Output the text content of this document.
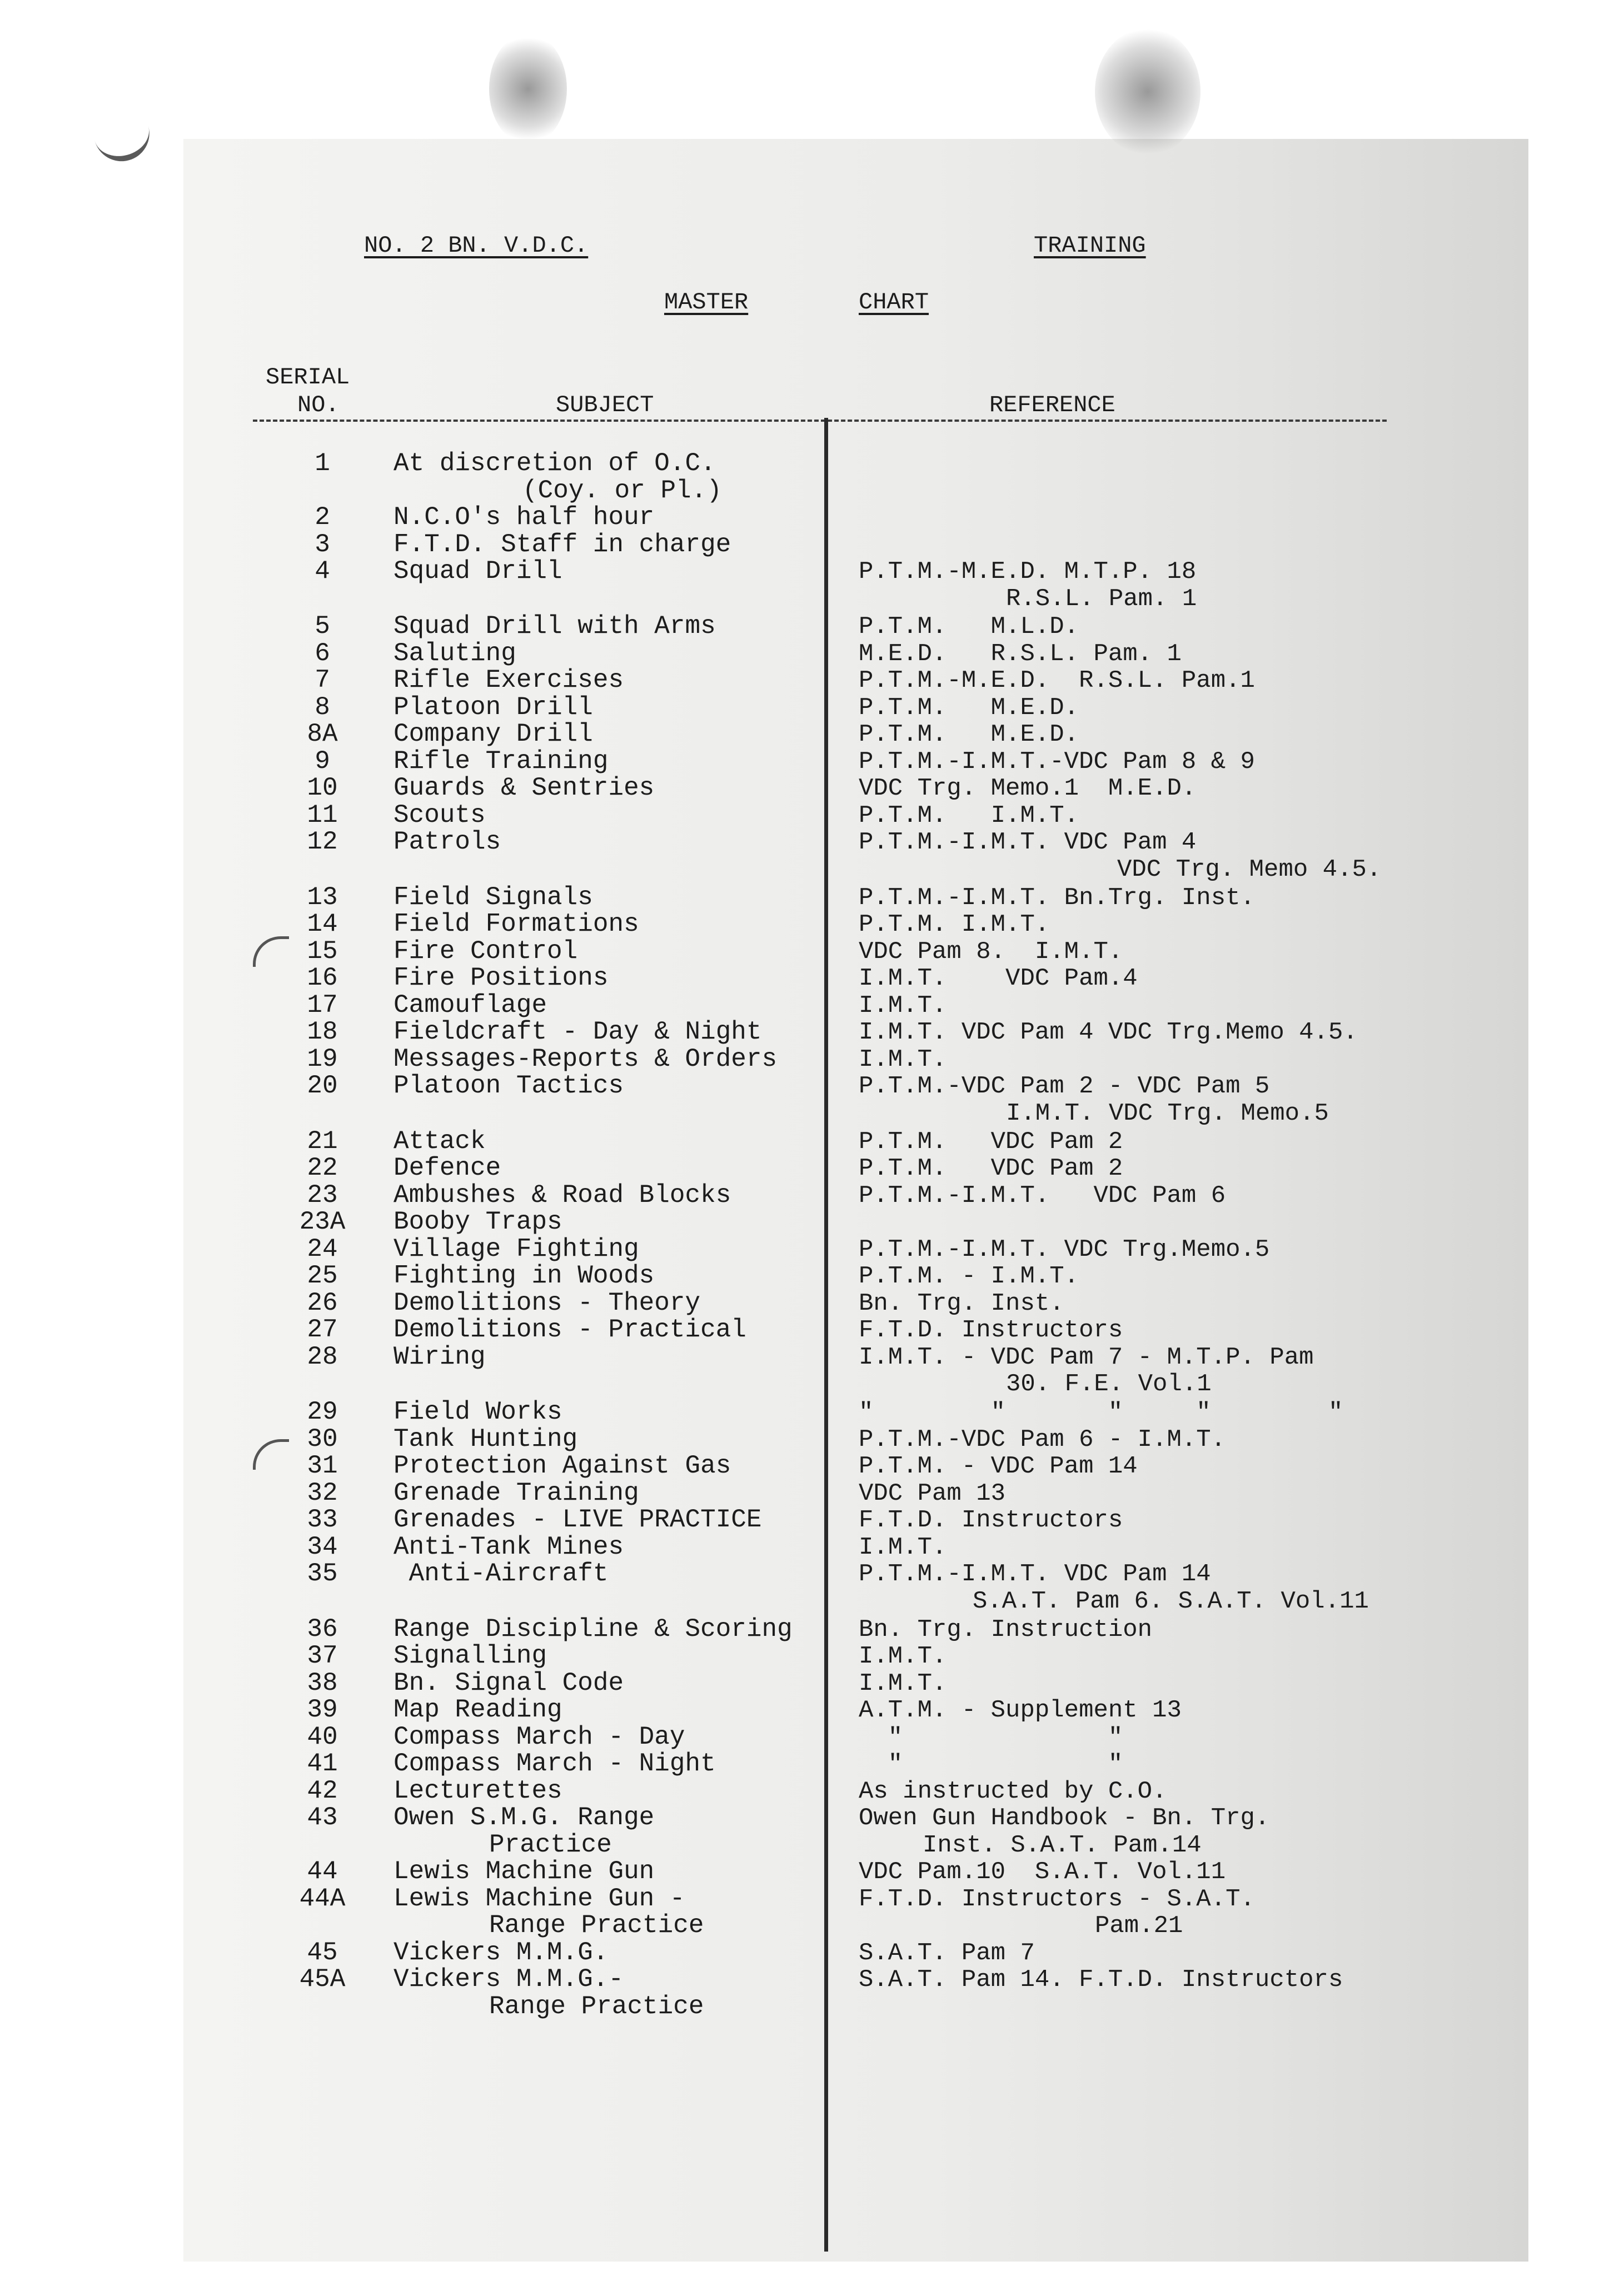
NO. 2 BN. V.D.C.	TRAINING
MASTER	CHART
SERIAL
NO.	SUBJECT	REFERENCE
1	At discretion of O.C.
(Coy. or Pl.)
2	N.C.O's half hour
3	F.T.D. Staff in charge
4	Squad Drill	P.T.M.-M.E.D. M.T.P. 18
R.S.L. Pam. 1
5	Squad Drill with Arms	P.T.M.   M.L.D.
6	Saluting	M.E.D.   R.S.L. Pam. 1
7	Rifle Exercises	P.T.M.-M.E.D.  R.S.L. Pam.1
8	Platoon Drill	P.T.M.   M.E.D.
8A	Company Drill	P.T.M.   M.E.D.
9	Rifle Training	P.T.M.-I.M.T.-VDC Pam 8 & 9
10	Guards & Sentries	VDC Trg. Memo.1  M.E.D.
11	Scouts	P.T.M.   I.M.T.
12	Patrols	P.T.M.-I.M.T. VDC Pam 4
VDC Trg. Memo 4.5.
13	Field Signals	P.T.M.-I.M.T. Bn.Trg. Inst.
14	Field Formations	P.T.M. I.M.T.
15	Fire Control	VDC Pam 8.  I.M.T.
16	Fire Positions	I.M.T.    VDC Pam.4
17	Camouflage	I.M.T.
18	Fieldcraft - Day & Night	I.M.T. VDC Pam 4 VDC Trg.Memo 4.5.
19	Messages-Reports & Orders	I.M.T.
20	Platoon Tactics	P.T.M.-VDC Pam 2 - VDC Pam 5
I.M.T. VDC Trg. Memo.5
21	Attack	P.T.M.   VDC Pam 2
22	Defence	P.T.M.   VDC Pam 2
23	Ambushes & Road Blocks	P.T.M.-I.M.T.   VDC Pam 6
23A	Booby Traps
24	Village Fighting	P.T.M.-I.M.T. VDC Trg.Memo.5
25	Fighting in Woods	P.T.M. - I.M.T.
26	Demolitions - Theory	Bn. Trg. Inst.
27	Demolitions - Practical	F.T.D. Instructors
28	Wiring	I.M.T. - VDC Pam 7 - M.T.P. Pam
30. F.E. Vol.1
29	Field Works	"        "       "     "        "
30	Tank Hunting	P.T.M.-VDC Pam 6 - I.M.T.
31	Protection Against Gas	P.T.M. - VDC Pam 14
32	Grenade Training	VDC Pam 13
33	Grenades - LIVE PRACTICE	F.T.D. Instructors
34	Anti-Tank Mines	I.M.T.
35	Anti-Aircraft	P.T.M.-I.M.T. VDC Pam 14
S.A.T. Pam 6. S.A.T. Vol.11
36	Range Discipline & Scoring	Bn. Trg. Instruction
37	Signalling	I.M.T.
38	Bn. Signal Code	I.M.T.
39	Map Reading	A.T.M. - Supplement 13
40	Compass March - Day	"              "
41	Compass March - Night	"              "
42	Lecturettes	As instructed by C.O.
43	Owen S.M.G. Range	Owen Gun Handbook - Bn. Trg.
Practice	Inst. S.A.T. Pam.14
44	Lewis Machine Gun	VDC Pam.10  S.A.T. Vol.11
44A	Lewis Machine Gun -	F.T.D. Instructors - S.A.T.
Range Practice	Pam.21
45	Vickers M.M.G.	S.A.T. Pam 7
45A	Vickers M.M.G.-	S.A.T. Pam 14. F.T.D. Instructors
Range Practice
